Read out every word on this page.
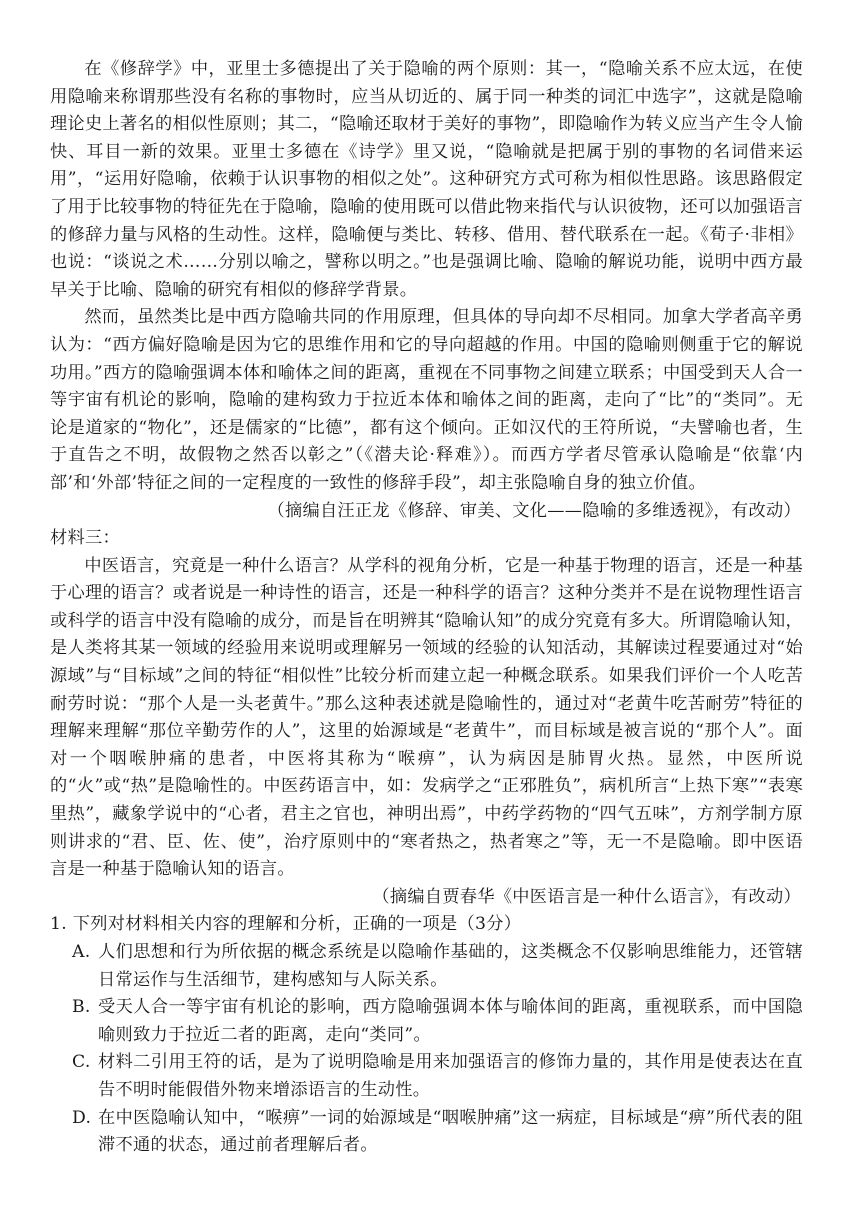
在《修辞学》中，亚里士多德提出了关于隐喻的两个原则：其一，“隐喻关系不应太远，在使用隐喻来称谓那些没有名称的事物时，应当从切近的、属于同一种类的词汇中选字”，这就是隐喻理论史上著名的相似性原则；其二，“隐喻还取材于美好的事物”，即隐喻作为转义应当产生令人愉快、耳目一新的效果。亚里士多德在《诗学》里又说，“隐喻就是把属于别的事物的名词借来运用”，“运用好隐喻，依赖于认识事物的相似之处”。这种研究方式可称为相似性思路。该思路假定了用于比较事物的特征先在于隐喻，隐喻的使用既可以借此物来指代与认识彼物，还可以加强语言的修辞力量与风格的生动性。这样，隐喻便与类比、转移、借用、替代联系在一起。《荀子·非相》也说：“谈说之术……分别以喻之，譬称以明之。”也是强调比喻、隐喻的解说功能，说明中西方最早关于比喻、隐喻的研究有相似的修辞学背景。

然而，虽然类比是中西方隐喻共同的作用原理，但具体的导向却不尽相同。加拿大学者高辛勇认为：“西方偏好隐喻是因为它的思维作用和它的导向超越的作用。中国的隐喻则侧重于它的解说功用。”西方的隐喻强调本体和喻体之间的距离，重视在不同事物之间建立联系；中国受到天人合一等宇宙有机论的影响，隐喻的建构致力于拉近本体和喻体之间的距离，走向了“比”的“类同”。无论是道家的“物化”，还是儒家的“比德”，都有这个倾向。正如汉代的王符所说，“夫譬喻也者，生于直告之不明，故假物之然否以彰之”（《潜夫论·释难》）。而西方学者尽管承认隐喻是“依靠‘内部’和‘外部’特征之间的一定程度的一致性的修辞手段”，却主张隐喻自身的独立价值。

（摘编自汪正龙《修辞、审美、文化——隐喻的多维透视》，有改动）

材料三：

中医语言，究竟是一种什么语言？从学科的视角分析，它是一种基于物理的语言，还是一种基于心理的语言？或者说是一种诗性的语言，还是一种科学的语言？这种分类并不是在说物理性语言或科学的语言中没有隐喻的成分，而是旨在明辨其“隐喻认知”的成分究竟有多大。所谓隐喻认知，是人类将其某一领域的经验用来说明或理解另一领域的经验的认知活动，其解读过程要通过对“始源域”与“目标域”之间的特征“相似性”比较分析而建立起一种概念联系。如果我们评价一个人吃苦耐劳时说：“那个人是一头老黄牛。”那么这种表述就是隐喻性的，通过对“老黄牛吃苦耐劳”特征的理解来理解“那位辛勤劳作的人”，这里的始源域是“老黄牛”，而目标域是被言说的“那个人”。面对一个咽喉肿痛的患者，中医将其称为“喉痹”，认为病因是肺胃火热。显然，中医所说的“火”或“热”是隐喻性的。中医药语言中，如：发病学之“正邪胜负”，病机所言“上热下寒”“表寒里热”，藏象学说中的“心者，君主之官也，神明出焉”，中药学药物的“四气五味”，方剂学制方原则讲求的“君、臣、佐、使”，治疗原则中的“寒者热之，热者寒之”等，无一不是隐喻。即中医语言是一种基于隐喻认知的语言。

（摘编自贾春华《中医语言是一种什么语言》，有改动）

1. 下列对材料相关内容的理解和分析，正确的一项是（3分）

A. 人们思想和行为所依据的概念系统是以隐喻作基础的，这类概念不仅影响思维能力，还管辖日常运作与生活细节，建构感知与人际关系。
B. 受天人合一等宇宙有机论的影响，西方隐喻强调本体与喻体间的距离，重视联系，而中国隐喻则致力于拉近二者的距离，走向“类同”。
C. 材料二引用王符的话，是为了说明隐喻是用来加强语言的修饰力量的，其作用是使表达在直告不明时能假借外物来增添语言的生动性。
D. 在中医隐喻认知中，“喉痹”一词的始源域是“咽喉肿痛”这一病症，目标域是“痹”所代表的阻滞不通的状态，通过前者理解后者。
